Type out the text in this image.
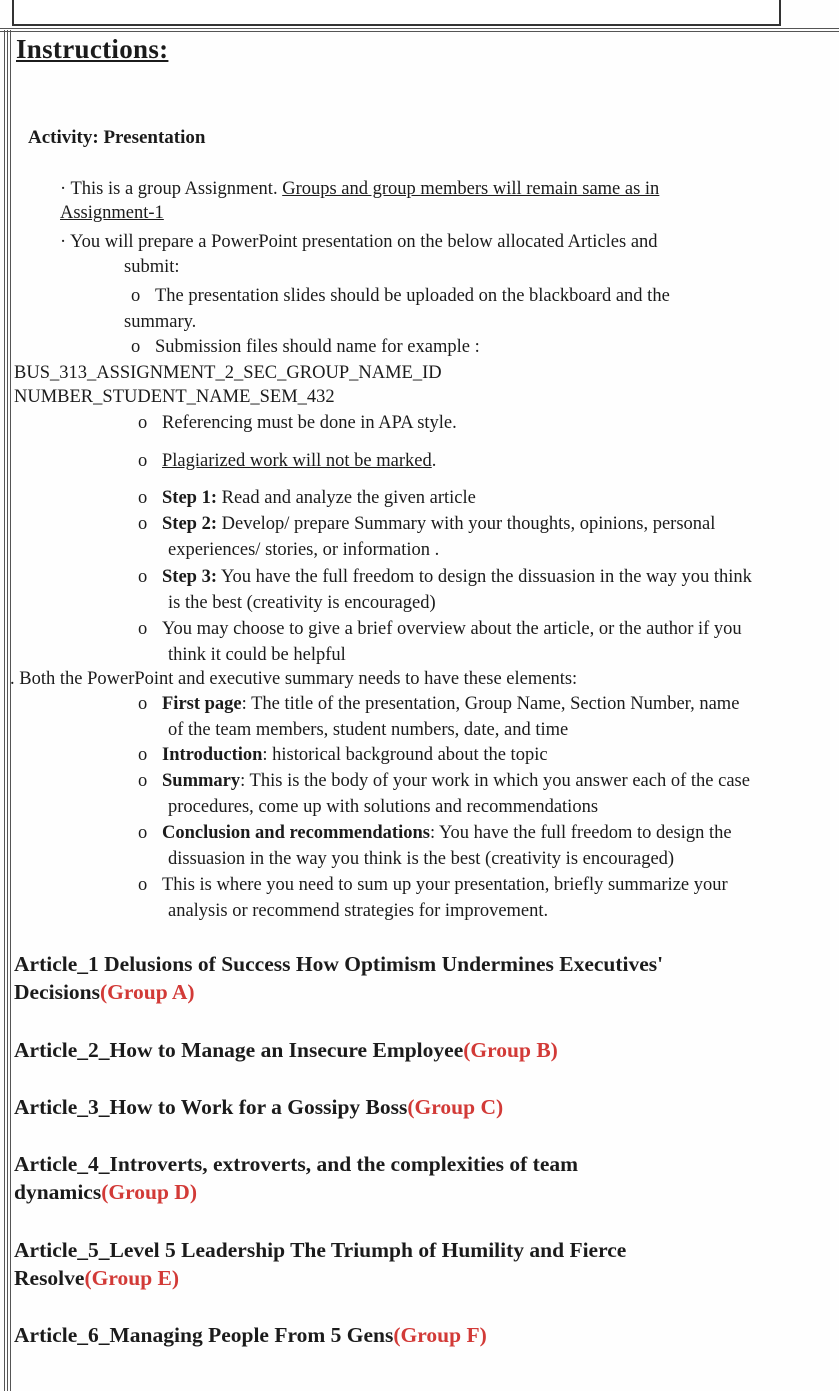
Instructions:
Activity: Presentation
· This is a group Assignment. Groups and group members will remain same as in
Assignment-1
· You will prepare a PowerPoint presentation on the below allocated Articles and
submit:
o The presentation slides should be uploaded on the blackboard and the
summary.
o Submission files should name for example :
BUS_313_ASSIGNMENT_2_SEC_GROUP_NAME_ID
NUMBER_STUDENT_NAME_SEM_432
o Referencing must be done in APA style.
o Plagiarized work will not be marked.
o Step 1: Read and analyze the given article
o Step 2: Develop/ prepare Summary with your thoughts, opinions, personal
experiences/ stories, or information .
o Step 3: You have the full freedom to design the dissuasion in the way you think
is the best (creativity is encouraged)
o You may choose to give a brief overview about the article, or the author if you
think it could be helpful
. Both the PowerPoint and executive summary needs to have these elements:
o First page: The title of the presentation, Group Name, Section Number, name
of the team members, student numbers, date, and time
o Introduction: historical background about the topic
o Summary: This is the body of your work in which you answer each of the case
procedures, come up with solutions and recommendations
o Conclusion and recommendations: You have the full freedom to design the
dissuasion in the way you think is the best (creativity is encouraged)
o This is where you need to sum up your presentation, briefly summarize your
analysis or recommend strategies for improvement.
Article_1 Delusions of Success How Optimism Undermines Executives'
Decisions(Group A)
Article_2_How to Manage an Insecure Employee(Group B)
Article_3_How to Work for a Gossipy Boss(Group C)
Article_4_Introverts, extroverts, and the complexities of team
dynamics(Group D)
Article_5_Level 5 Leadership The Triumph of Humility and Fierce
Resolve(Group E)
Article_6_Managing People From 5 Gens(Group F)
